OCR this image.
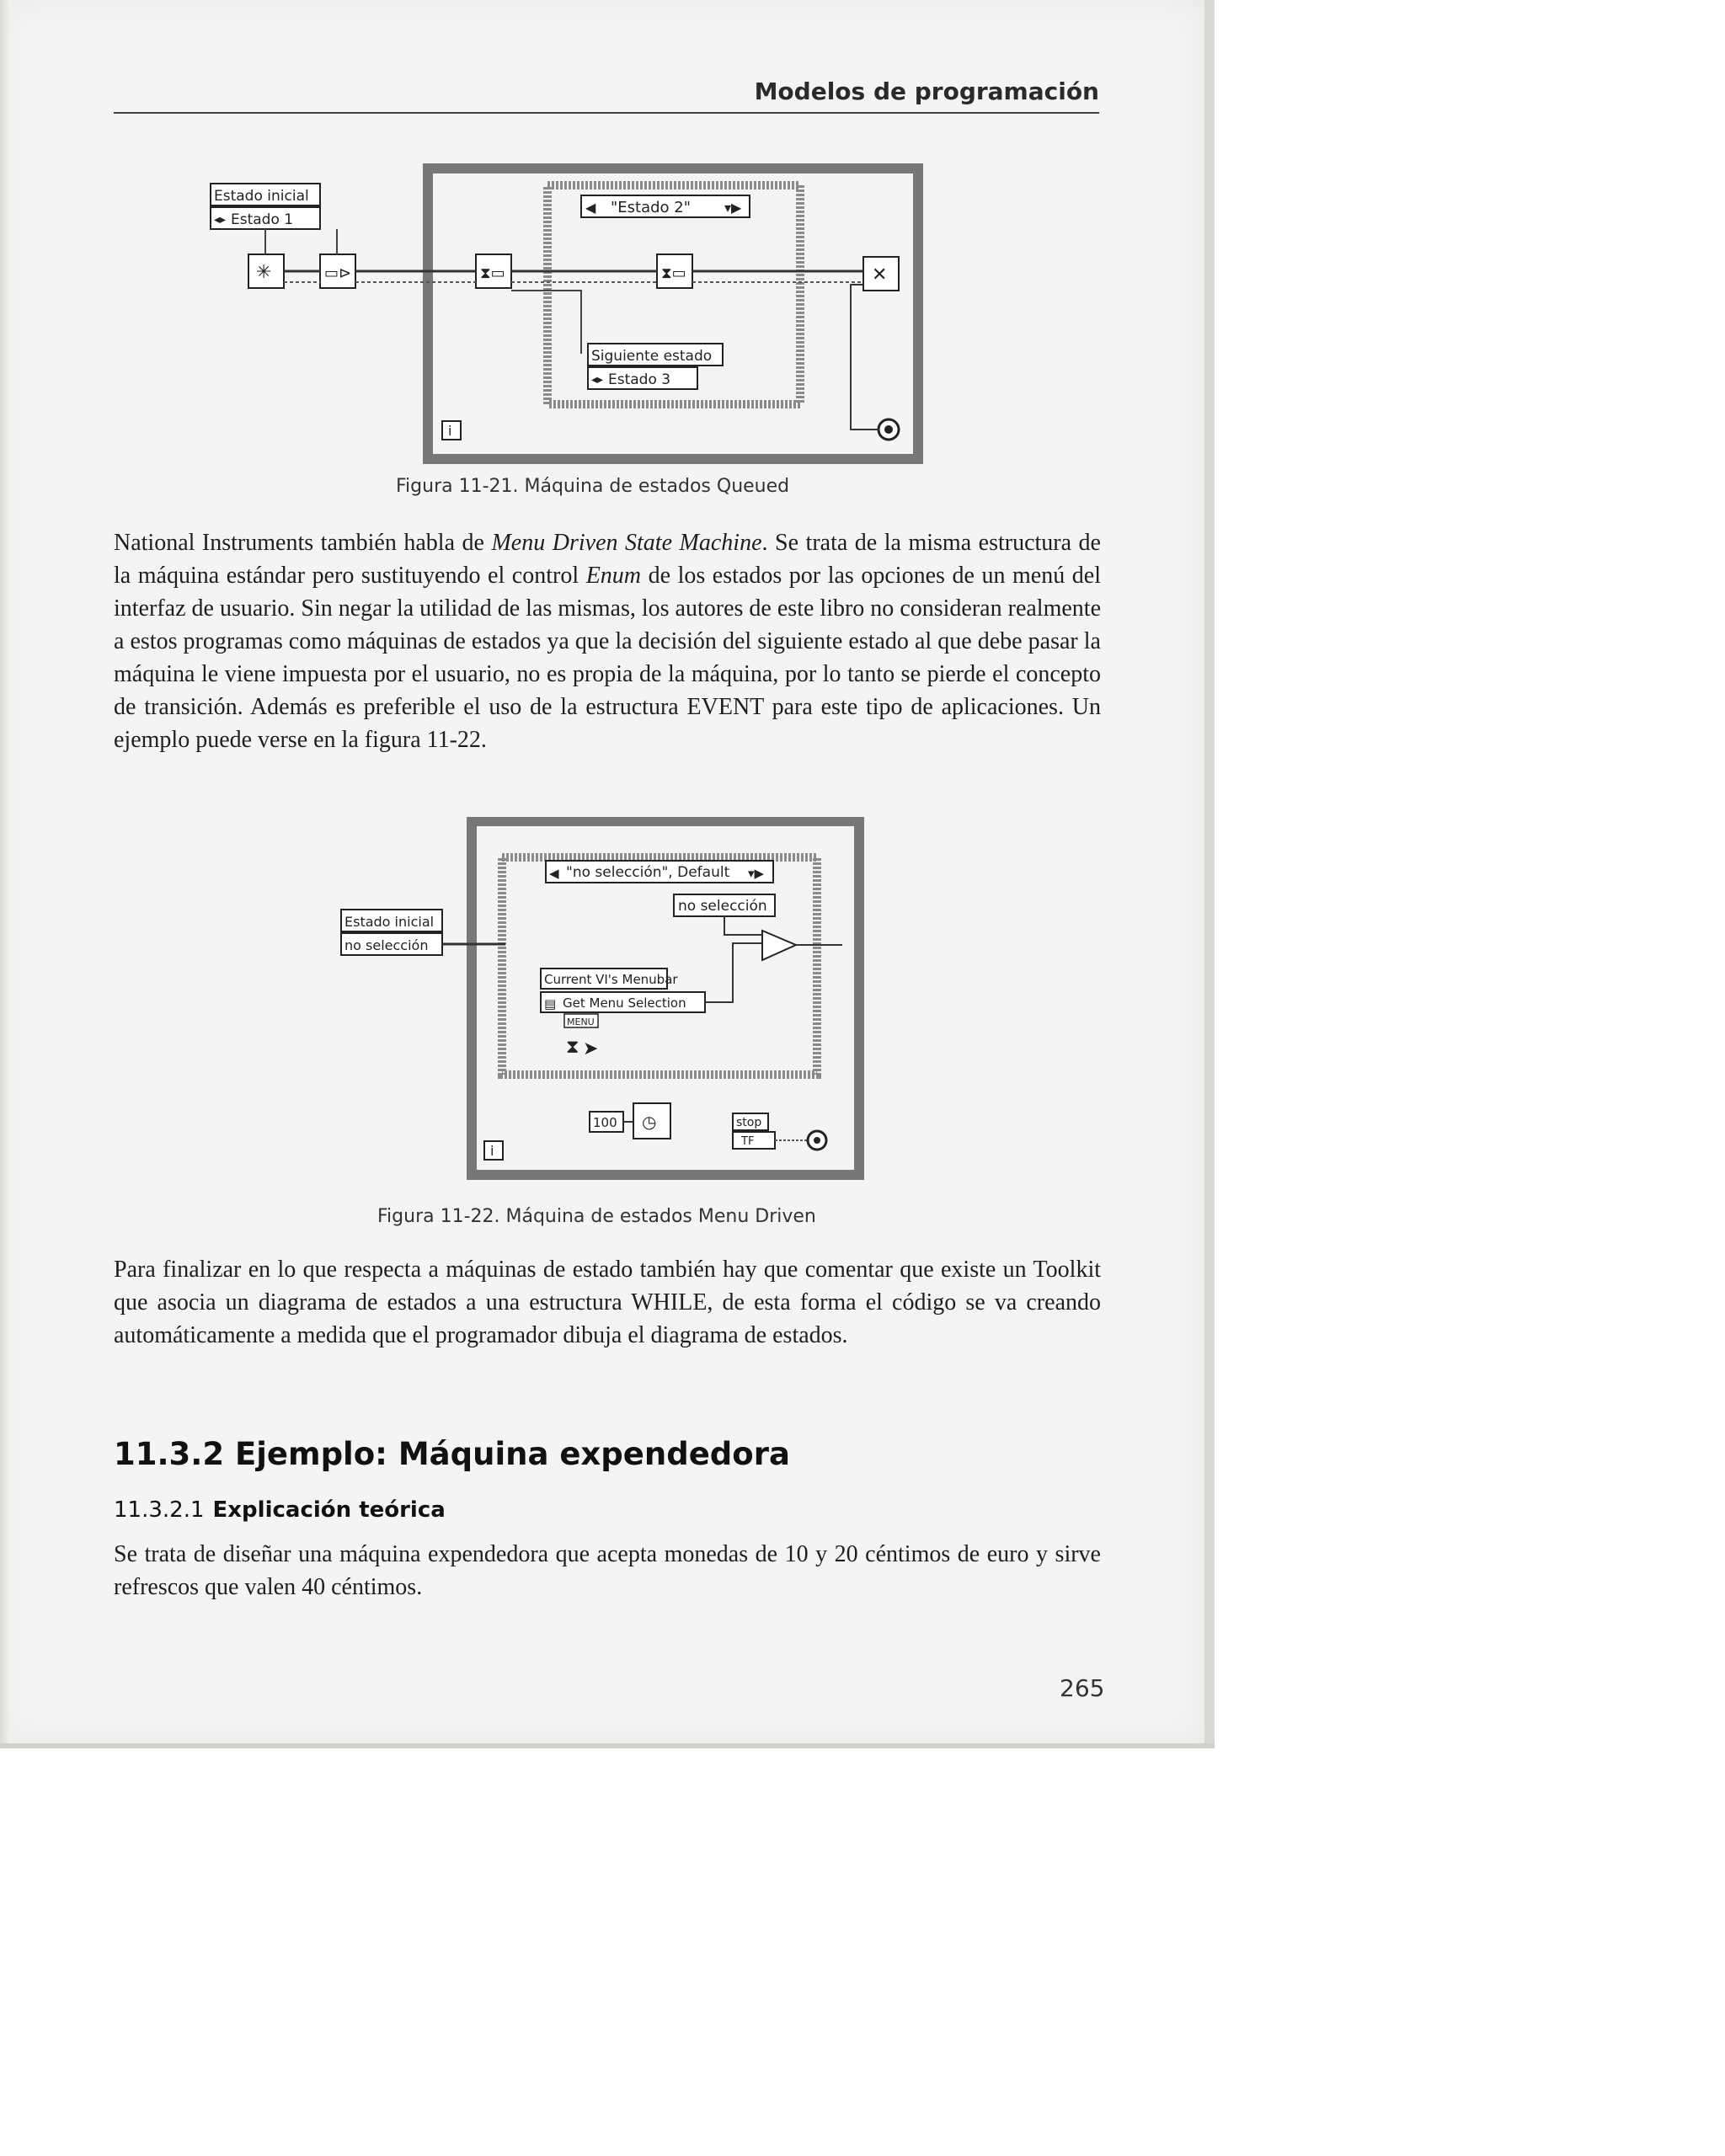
Modelos de programación
"Estado 2"
◀	▾▶
Estado inicial
◂▸ Estado 1
✳	▭⊳	⧗▭	⧗▭	✕
Siguiente estado
◂▸ Estado 3
i
Figura 11-21. Máquina de estados Queued
National Instruments también habla de Menu Driven State Machine. Se trata de la misma estructura de la máquina estándar pero sustituyendo el control Enum de los estados por las opciones de un menú del interfaz de usuario. Sin negar la utilidad de las mismas, los autores de este libro no consideran realmente a estos programas como máquinas de estados ya que la decisión del siguiente estado al que debe pasar la máquina le viene impuesta por el usuario, no es propia de la máquina, por lo tanto se pierde el concepto de transición. Además es preferible el uso de la estructura EVENT para este tipo de aplicaciones. Un ejemplo puede verse en la figura 11-22.
◀ "no selección", Default ▾▶
no selección
Estado inicial
no selección
Current VI's Menubar
▤ Get Menu Selection
MENU
⧗ ➤
100 ◷	stop
TF
i
Figura 11-22. Máquina de estados Menu Driven
Para finalizar en lo que respecta a máquinas de estado también hay que comentar que existe un Toolkit que asocia un diagrama de estados a una estructura WHILE, de esta forma el código se va creando automáticamente a medida que el programador dibuja el diagrama de estados.
11.3.2 Ejemplo: Máquina expendedora
11.3.2.1 Explicación teórica
Se trata de diseñar una máquina expendedora que acepta monedas de 10 y 20 céntimos de euro y sirve refrescos que valen 40 céntimos.
265
